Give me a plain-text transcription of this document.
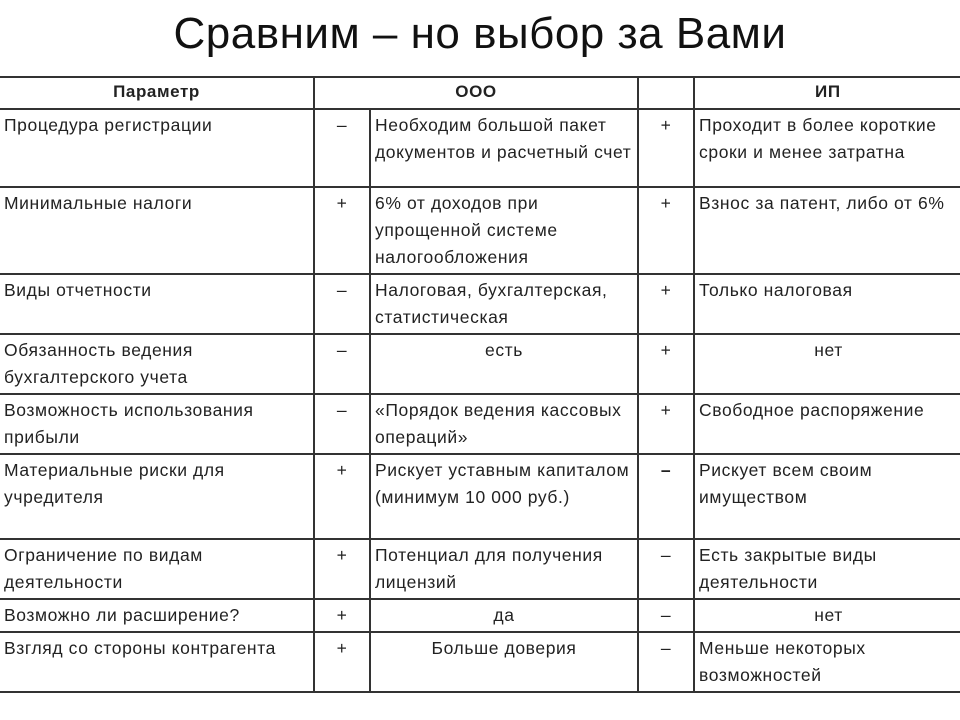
Сравним – но выбор за Вами
Параметр	ООО			ИП
Процедура регистрации	–	Необходим большой пакет документов и расчетный счет	+	Проходит в более короткие сроки и менее затратна
Минимальные налоги	+	6% от доходов при упрощенной системе налогообложения	+	Взнос за патент, либо от 6%
Виды отчетности	–	Налоговая, бухгалтерская, статистическая	+	Только налоговая
Обязанность ведения бухгалтерского учета	–	есть	+	нет
Возможность использования прибыли	–	«Порядок ведения кассовых операций»	+	Свободное распоряжение
Материальные риски для учредителя	+	Рискует уставным капиталом (минимум 10 000 руб.)	–	Рискует всем своим имуществом
Ограничение по видам деятельности	+	Потенциал для получения лицензий	–	Есть закрытые виды деятельности
Возможно ли расширение?	+	да	–	нет
Взгляд со стороны контрагента	+	Больше доверия	–	Меньше некоторых возможностей
